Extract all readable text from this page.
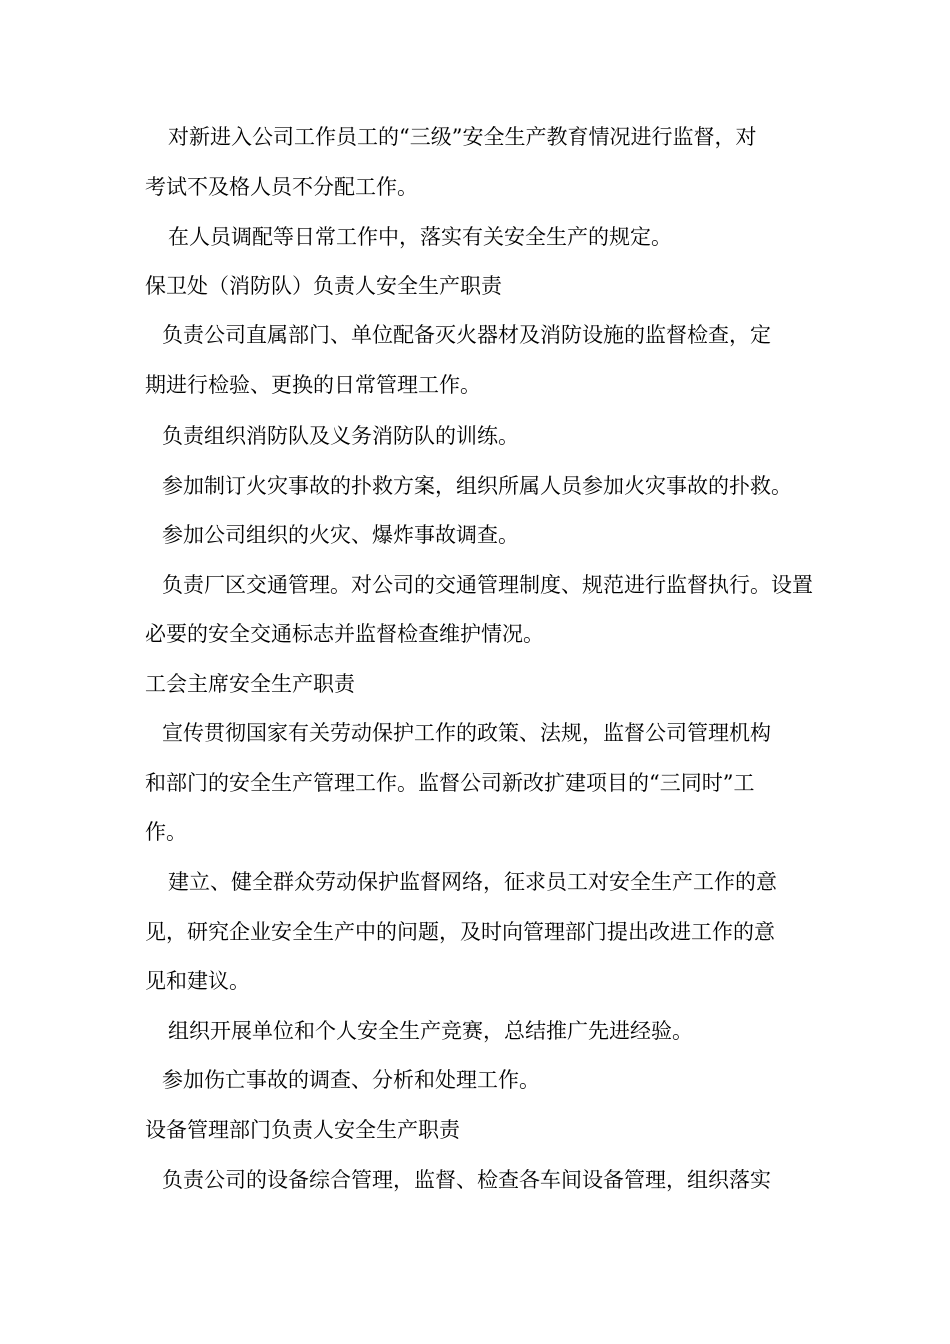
对新进入公司工作员工的“三级”安全生产教育情况进行监督，对
考试不及格人员不分配工作。
在人员调配等日常工作中，落实有关安全生产的规定。
保卫处（消防队）负责人安全生产职责
负责公司直属部门、单位配备灭火器材及消防设施的监督检查，定
期进行检验、更换的日常管理工作。
负责组织消防队及义务消防队的训练。
参加制订火灾事故的扑救方案，组织所属人员参加火灾事故的扑救。
参加公司组织的火灾、爆炸事故调查。
负责厂区交通管理。对公司的交通管理制度、规范进行监督执行。设置
必要的安全交通标志并监督检查维护情况。
工会主席安全生产职责
宣传贯彻国家有关劳动保护工作的政策、法规，监督公司管理机构
和部门的安全生产管理工作。监督公司新改扩建项目的“三同时”工
作。
建立、健全群众劳动保护监督网络，征求员工对安全生产工作的意
见，研究企业安全生产中的问题，及时向管理部门提出改进工作的意
见和建议。
组织开展单位和个人安全生产竞赛，总结推广先进经验。
参加伤亡事故的调查、分析和处理工作。
设备管理部门负责人安全生产职责
负责公司的设备综合管理，监督、检查各车间设备管理，组织落实
